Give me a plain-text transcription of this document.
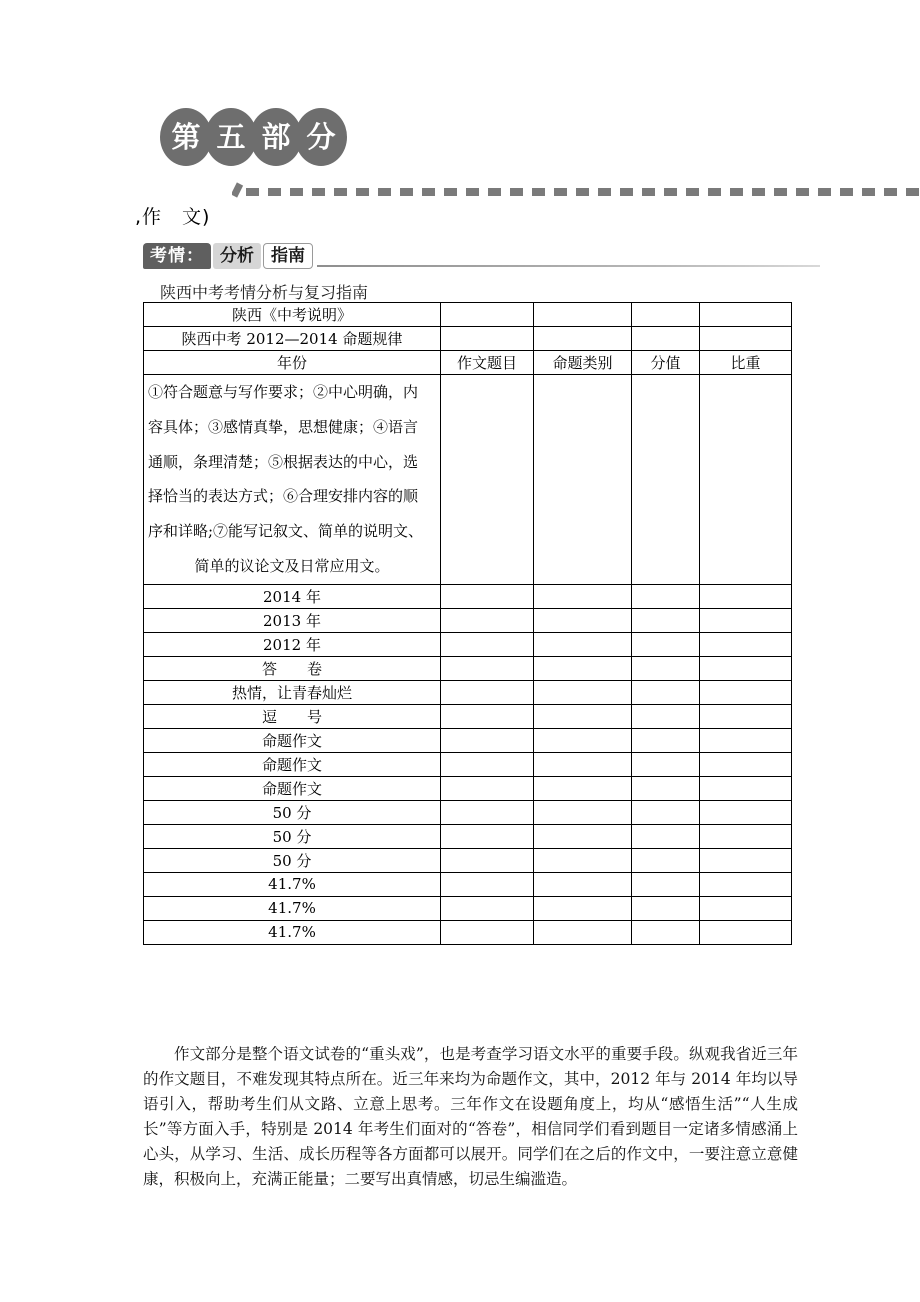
第 五 部 分
,作　文)
考情： 分析	指南
陕西中考考情分析与复习指南
陕西《中考说明》				
陕西中考 2012—2014 命题规律				
年份	作文题目	命题类别	分值	比重
①符合题意与写作要求；②中心明确，内
容具体；③感情真挚，思想健康；④语言
通顺，条理清楚；⑤根据表达的中心，选
择恰当的表达方式；⑥合理安排内容的顺
序和详略;⑦能写记叙文、简单的说明文、
简单的议论文及日常应用文。

2014 年				
2013 年				
2012 年				
答　　卷				
热情，让青春灿烂				
逗　　号				
命题作文				
命题作文				
命题作文				
50 分				
50 分				
50 分				
41.7%				
41.7%				
41.7%				

作文部分是整个语文试卷的“重头戏”，也是考查学习语文水平的重要手段。纵观我省近三年的作文题目，不难发现其特点所在。近三年来均为命题作文，其中，2012 年与 2014 年均以导语引入，帮助考生们从文路、立意上思考。三年作文在设题角度上，均从“感悟生活”“人生成长”等方面入手，特别是 2014 年考生们面对的“答卷”，相信同学们看到题目一定诸多情感涌上心头，从学习、生活、成长历程等各方面都可以展开。同学们在之后的作文中，一要注意立意健康，积极向上，充满正能量；二要写出真情感，切忌生编滥造。
